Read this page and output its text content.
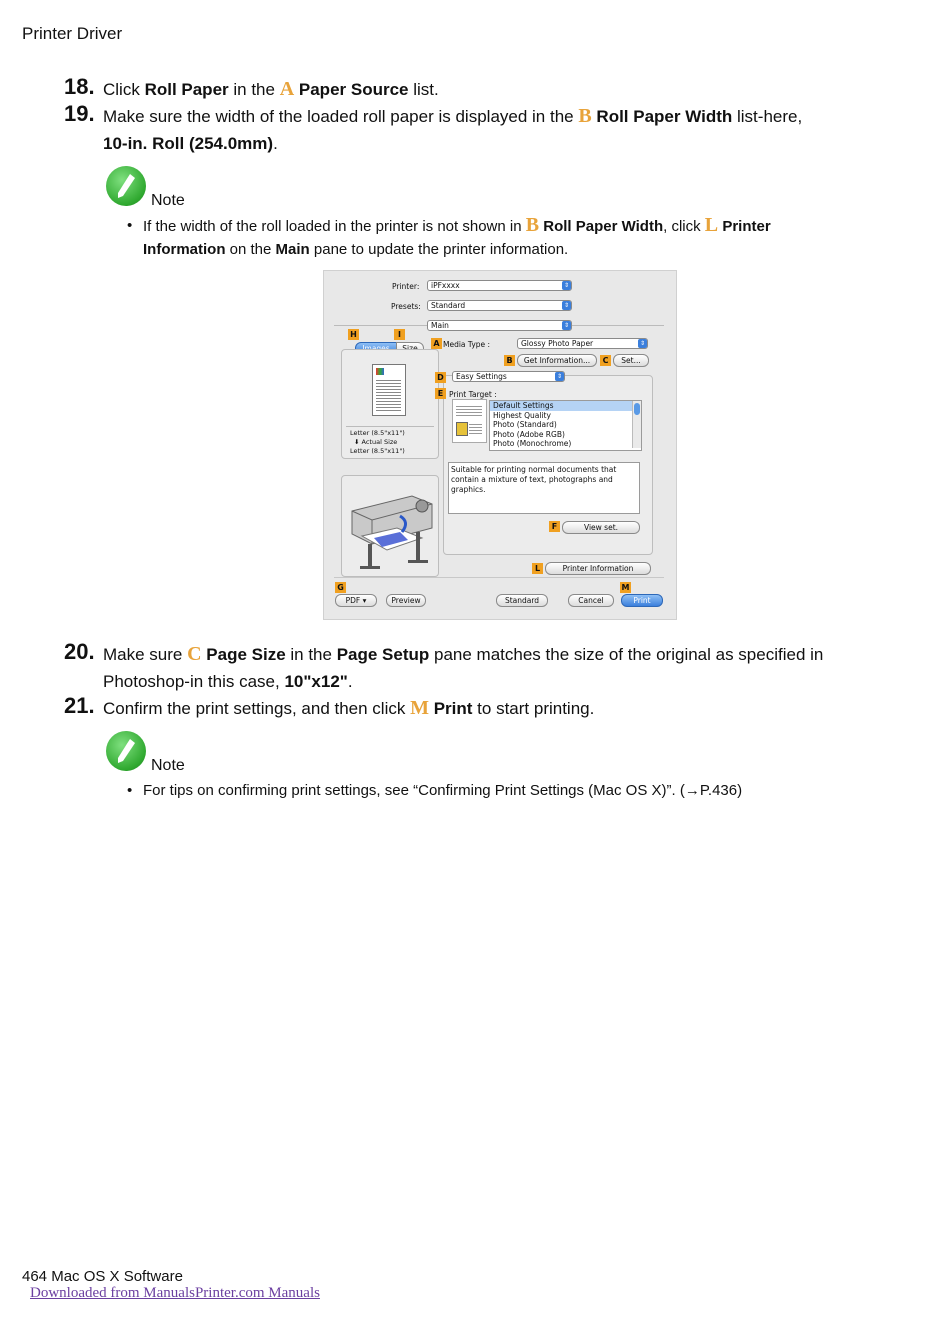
Printer Driver
18. Click Roll Paper in the A Paper Source list.
19. Make sure the width of the loaded roll paper is displayed in the B Roll Paper Width list-here,
10-in. Roll (254.0mm).
Note
• If the width of the roll loaded in the printer is not shown in B Roll Paper Width, click L Printer
Information on the Main pane to update the printer information.
Printer:	iPFxxxx	⇕
Presets:	Standard	⇕
Main	⇕
H	I
Letter (8.5"x11")
⬇ Actual Size
Letter (8.5"x11")
A Media Type :	Glossy Photo Paper	⇕
B	Get Information...	C	Set...
D	Easy Settings	⇕
E Print Target :
Default Settings
Highest Quality
Photo (Standard)
Photo (Adobe RGB)
Photo (Monochrome)
Suitable for printing normal documents that contain a mixture of text, photographs and graphics.
F	View set.
L	Printer Information
G	M
PDF ▾	Preview	Standard	Cancel	Print
20. Make sure C Page Size in the Page Setup pane matches the size of the original as specified in
Photoshop-in this case, 10"x12".
21. Confirm the print settings, and then click M Print to start printing.
Note
• For tips on confirming print settings, see “Confirming Print Settings (Mac OS X)”. (→P.436)
464 Mac OS X Software
Downloaded from ManualsPrinter.com Manuals
